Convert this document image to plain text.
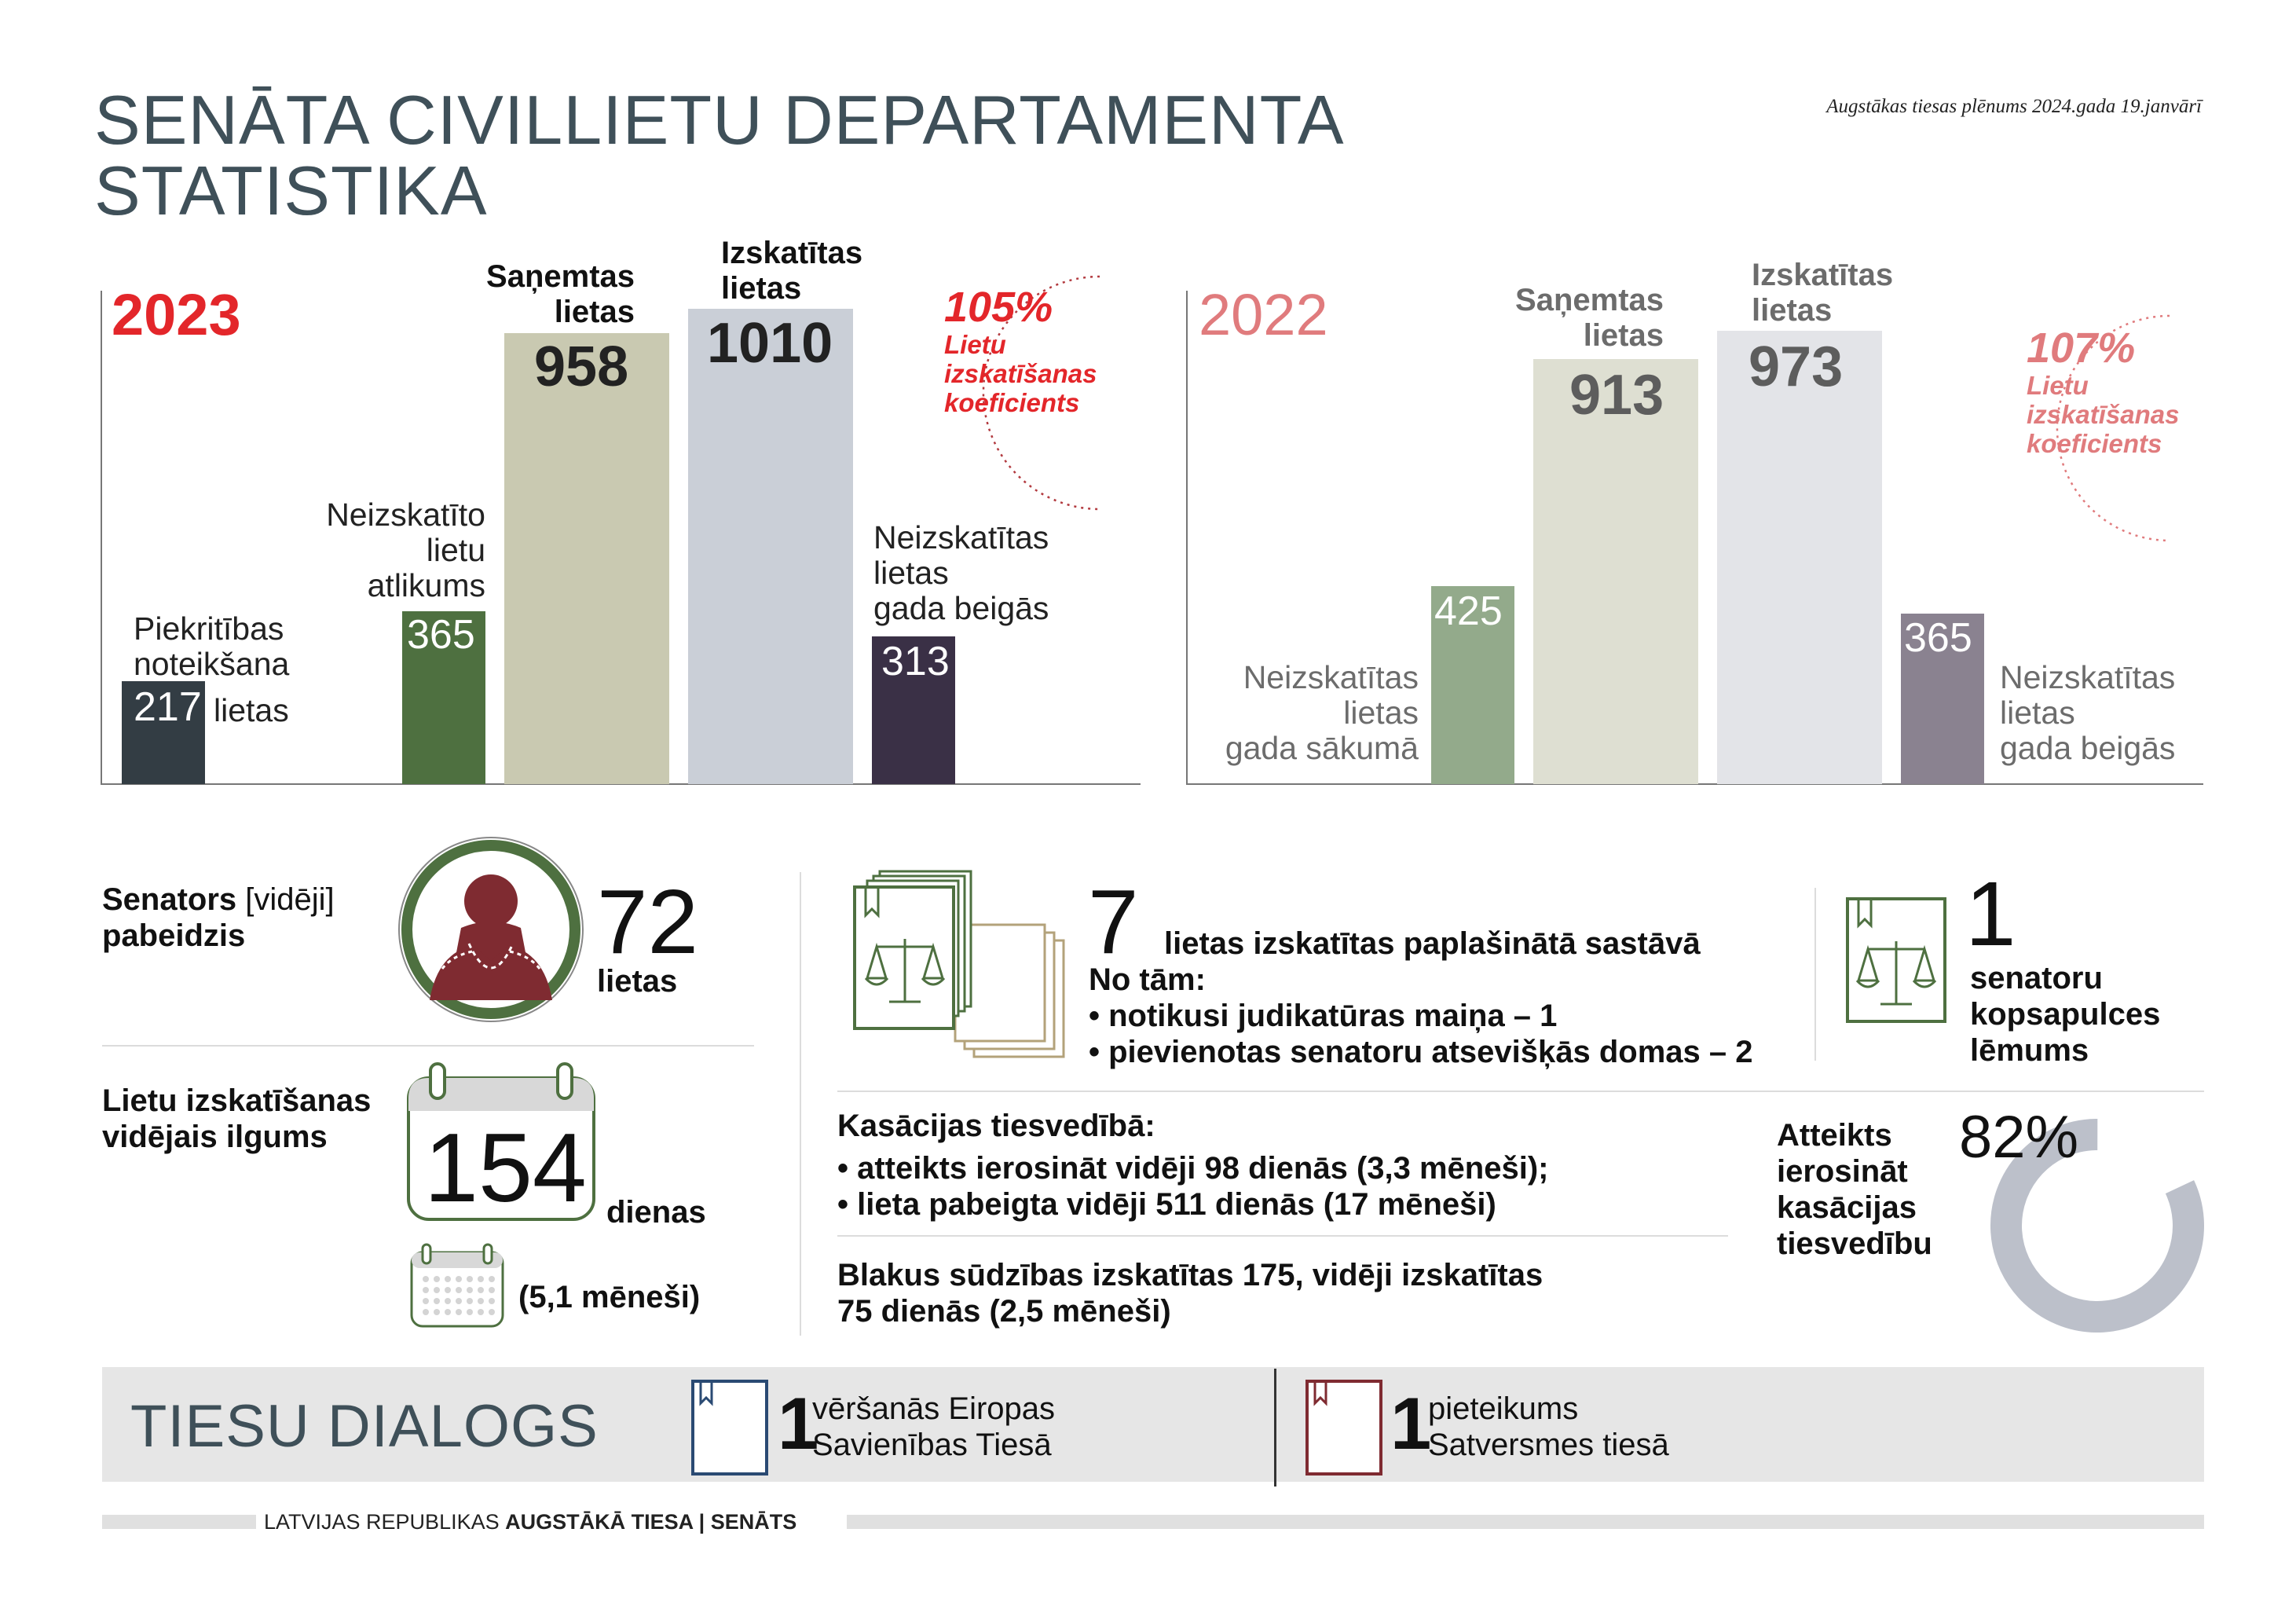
SENĀTA CIVILLIETU DEPARTAMENTA
STATISTIKA
Augstākas tiesas plēnums 2024.gada 19.janvārī
2023
217
365
958 1010
313
Piekritības
noteikšana
lietas
Neizskatīto
lietu
atlikums
Saņemtas
lietas
Izskatītas
lietas
Neizskatītas
lietas
gada beigās
105%
Lietu
izskatīšanas
koeficients
2022
425
913 973
365
Neizskatītas
lietas
gada sākumā
Saņemtas
lietas
Izskatītas
lietas
Neizskatītas
lietas
gada beigās
107%
Lietu
izskatīšanas
koeficients
Senators [vidēji]
pabeidzis	72
lietas
Lietu izskatīšanas
vidējais ilgums 154 dienas
(5,1 mēneši)
7 lietas izskatītas paplašinātā sastāvā
No tām:
• notikusi judikatūras maiņa – 1
• pievienotas senatoru atsevišķās domas – 2
1
senatoru
kopsapulces
lēmums
Kasācijas tiesvedībā:
• atteikts ierosināt vidēji 98 dienās (3,3 mēneši);
• lieta pabeigta vidēji 511 dienās (17 mēneši)
Blakus sūdzības izskatītas 175, vidēji izskatītas
75 dienās (2,5 mēneši)
Atteikts
ierosināt
kasācijas
tiesvedību
82%
TIESU DIALOGS 1
vēršanās Eiropas
Savienības Tiesā	1
pieteikums
Satversmes tiesā
LATVIJAS REPUBLIKAS AUGSTĀKĀ TIESA | SENĀTS
